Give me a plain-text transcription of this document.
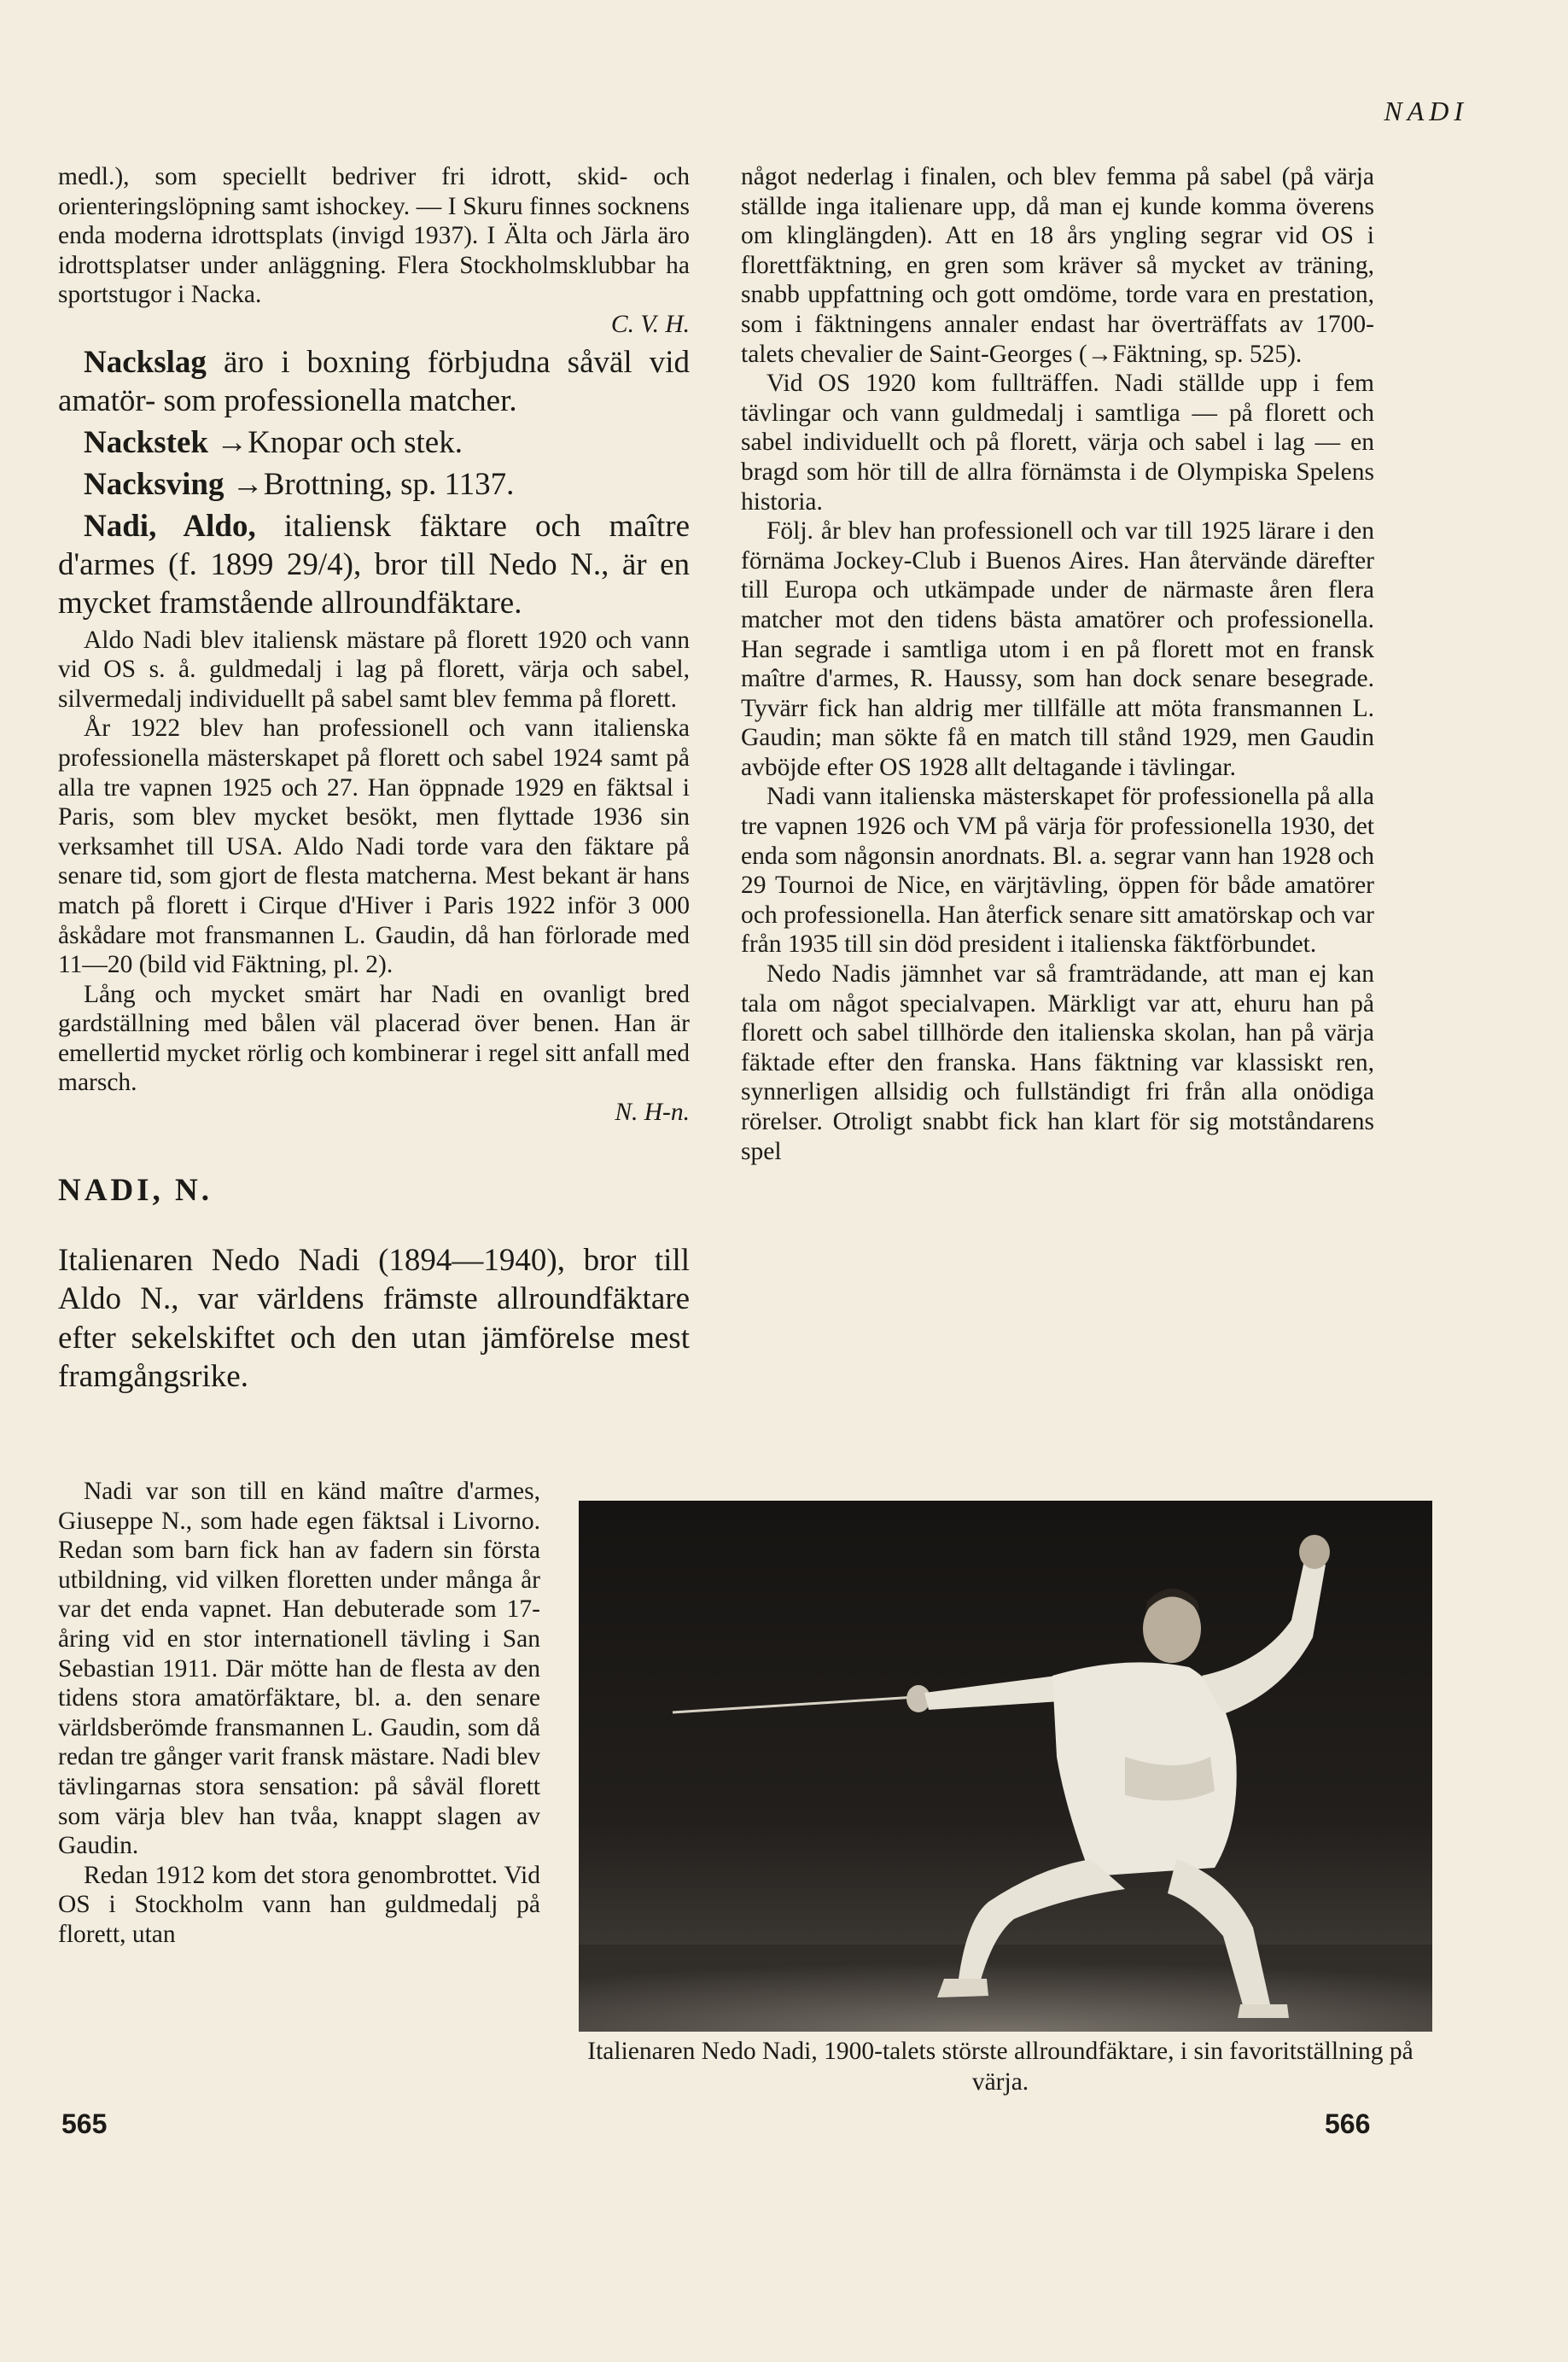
NADI

medl.), som speciellt bedriver fri idrott, skid- och orienteringslöpning samt ishockey. — I Skuru finnes socknens enda moderna idrottsplats (invigd 1937). I Älta och Järla äro idrottsplatser under anläggning. Flera Stockholmsklubbar ha sportstugor i Nacka.

C. V. H.

Nackslag äro i boxning förbjudna såväl vid amatör- som professionella matcher.

Nackstek →Knopar och stek.

Nacksving →Brottning, sp. 1137.

Nadi, Aldo, italiensk fäktare och maître d'armes (f. 1899 29/4), bror till Nedo N., är en mycket framstående allroundfäktare.

Aldo Nadi blev italiensk mästare på florett 1920 och vann vid OS s. å. guldmedalj i lag på florett, värja och sabel, silvermedalj individuellt på sabel samt blev femma på florett.

År 1922 blev han professionell och vann italienska professionella mästerskapet på florett och sabel 1924 samt på alla tre vapnen 1925 och 27. Han öppnade 1929 en fäktsal i Paris, som blev mycket besökt, men flyttade 1936 sin verksamhet till USA. Aldo Nadi torde vara den fäktare på senare tid, som gjort de flesta matcherna. Mest bekant är hans match på florett i Cirque d'Hiver i Paris 1922 inför 3 000 åskådare mot fransmannen L. Gaudin, då han förlorade med 11—20 (bild vid Fäktning, pl. 2).

Lång och mycket smärt har Nadi en ovanligt bred gardställning med bålen väl placerad över benen. Han är emellertid mycket rörlig och kombinerar i regel sitt anfall med marsch.

N. H-n.

NADI, N.

Italienaren Nedo Nadi (1894—1940), bror till Aldo N., var världens främste allroundfäktare efter sekelskiftet och den utan jämförelse mest framgångsrike.

Nadi var son till en känd maître d'armes, Giuseppe N., som hade egen fäktsal i Livorno. Redan som barn fick han av fadern sin första utbildning, vid vilken floretten under många år var det enda vapnet. Han debuterade som 17-åring vid en stor internationell tävling i San Sebastian 1911. Där mötte han de flesta av den tidens stora amatörfäktare, bl. a. den senare världsberömde fransmannen L. Gaudin, som då redan tre gånger varit fransk mästare. Nadi blev tävlingarnas stora sensation: på såväl florett som värja blev han tvåa, knappt slagen av Gaudin.

Redan 1912 kom det stora genombrottet. Vid OS i Stockholm vann han guldmedalj på florett, utan

något nederlag i finalen, och blev femma på sabel (på värja ställde inga italienare upp, då man ej kunde komma överens om klinglängden). Att en 18 års yngling segrar vid OS i florettfäktning, en gren som kräver så mycket av träning, snabb uppfattning och gott omdöme, torde vara en prestation, som i fäktningens annaler endast har överträffats av 1700-talets chevalier de Saint-Georges (→Fäktning, sp. 525).

Vid OS 1920 kom fullträffen. Nadi ställde upp i fem tävlingar och vann guldmedalj i samtliga — på florett och sabel individuellt och på florett, värja och sabel i lag — en bragd som hör till de allra förnämsta i de Olympiska Spelens historia.

Följ. år blev han professionell och var till 1925 lärare i den förnäma Jockey-Club i Buenos Aires. Han återvände därefter till Europa och utkämpade under de närmaste åren flera matcher mot den tidens bästa amatörer och professionella. Han segrade i samtliga utom i en på florett mot en fransk maître d'armes, R. Haussy, som han dock senare besegrade. Tyvärr fick han aldrig mer tillfälle att möta fransmannen L. Gaudin; man sökte få en match till stånd 1929, men Gaudin avböjde efter OS 1928 allt deltagande i tävlingar.

Nadi vann italienska mästerskapet för professionella på alla tre vapnen 1926 och VM på värja för professionella 1930, det enda som någonsin anordnats. Bl. a. segrar vann han 1928 och 29 Tournoi de Nice, en värjtävling, öppen för både amatörer och professionella. Han återfick senare sitt amatörskap och var från 1935 till sin död president i italienska fäktförbundet.

Nedo Nadis jämnhet var så framträdande, att man ej kan tala om något specialvapen. Märkligt var att, ehuru han på florett och sabel tillhörde den italienska skolan, han på värja fäktade efter den franska. Hans fäktning var klassiskt ren, synnerligen allsidig och fullständigt fri från alla onödiga rörelser. Otroligt snabbt fick han klart för sig motståndarens spel

Italienaren Nedo Nadi, 1900-talets störste allroundfäktare, i sin favoritställning på värja.
565	566
